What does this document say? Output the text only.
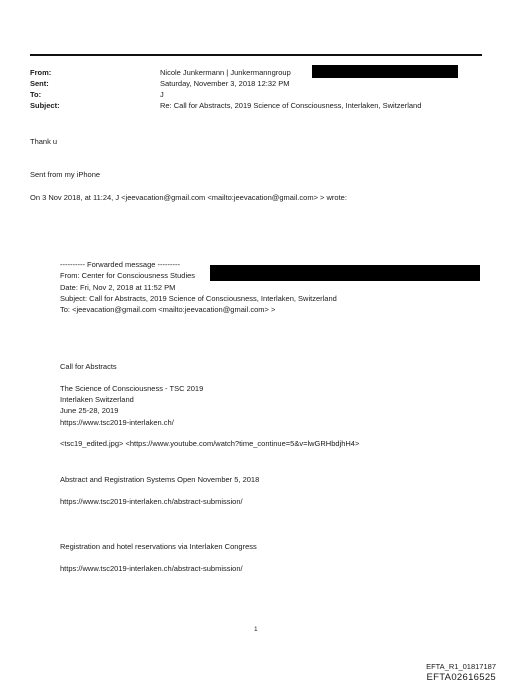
From:	Nicole Junkermann | Junkermanngroup
Sent:	Saturday, November 3, 2018 12:32 PM
To:	J
Subject:	Re: Call for Abstracts, 2019 Science of Consciousness, Interlaken, Switzerland
Thank u
Sent from my iPhone
On 3 Nov 2018, at 11:24, J <jeevacation@gmail.com <mailto:jeevacation@gmail.com> > wrote:
---------- Forwarded message ---------
From: Center for Consciousness Studies
Date: Fri, Nov 2, 2018 at 11:52 PM
Subject: Call for Abstracts, 2019 Science of Consciousness, Interlaken, Switzerland
To: <jeevacation@gmail.com <mailto:jeevacation@gmail.com> >
Call for Abstracts
The Science of Consciousness - TSC 2019
Interlaken Switzerland
June 25-28, 2019
https://www.tsc2019-interlaken.ch/
<tsc19_edited.jpg> <https://www.youtube.com/watch?time_continue=5&v=lwGRHbdjhH4>
Abstract and Registration Systems Open November 5, 2018
https://www.tsc2019-interlaken.ch/abstract-submission/
Registration and hotel reservations via Interlaken Congress
https://www.tsc2019-interlaken.ch/abstract-submission/
1
EFTA_R1_01817187
EFTA02616525
